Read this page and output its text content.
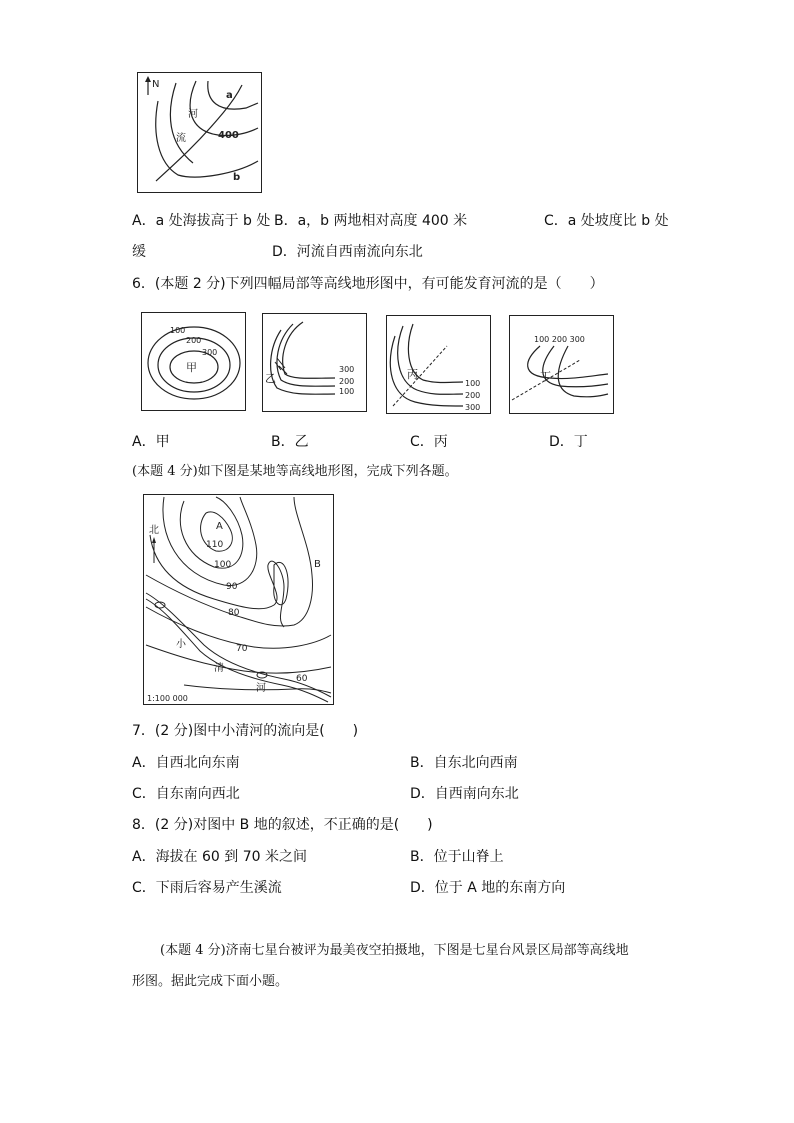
N
a
b
河
流	400
A．a 处海拔高于 b 处 B．a，b 两地相对高度 400 米	C．a 处坡度比 b 处
缓	D．河流自西南流向东北
6．(本题 2 分)下列四幅局部等高线地形图中，有可能发育河流的是（　　）
100
200
300
甲	300
200
100
乙	100
200
300
丙
100 200 300
丁
A．甲	B．乙	C．丙	D．丁
(本题 4 分)如下图是某地等高线地形图，完成下列各题。
北	A
B
110
100
90
80
70
60
小
清
河
1:100 000
7．(2 分)图中小清河的流向是(　　)
A．自西北向东南	B．自东北向西南
C．自东南向西北	D．自西南向东北
8．(2 分)对图中 B 地的叙述，不正确的是(　　)
A．海拔在 60 到 70 米之间	B．位于山脊上
C．下雨后容易产生溪流	D．位于 A 地的东南方向
(本题 4 分)济南七星台被评为最美夜空拍摄地，下图是七星台风景区局部等高线地
形图。据此完成下面小题。
